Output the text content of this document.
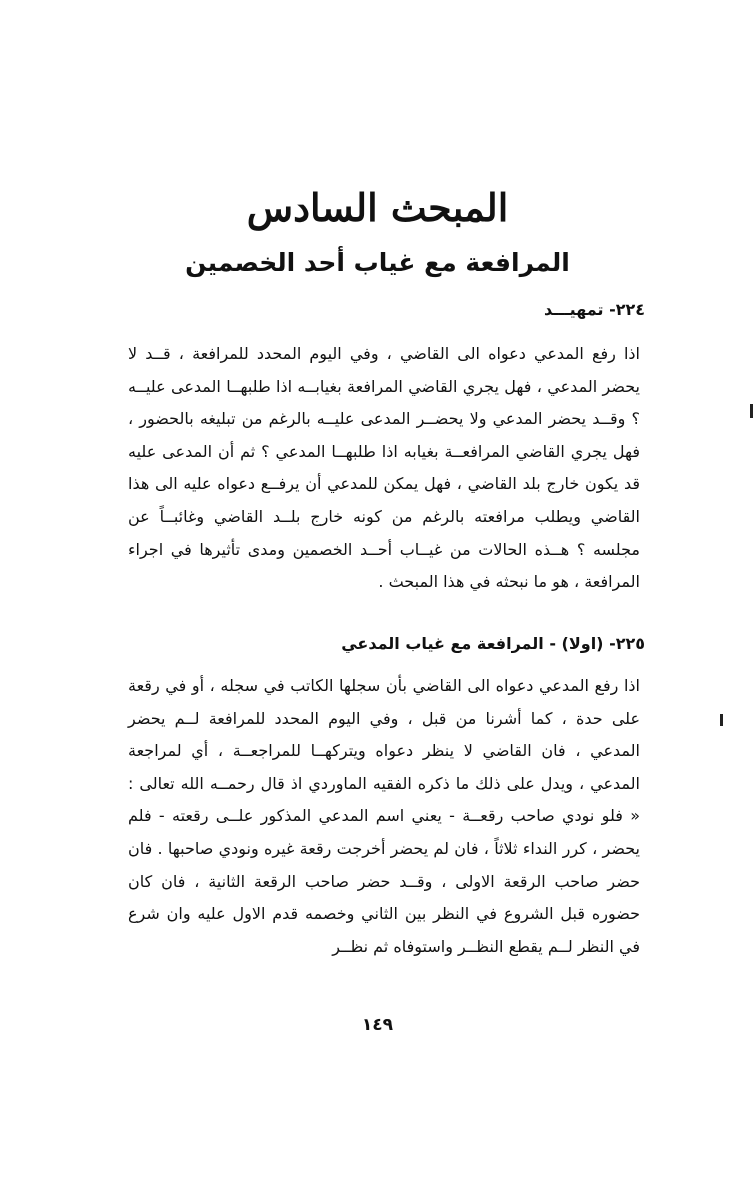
المبحث السادس
المرافعة مع غياب أحد الخصمين
٢٢٤- تمهيـــد
اذا رفع المدعي دعواه الى القاضي ، وفي اليوم المحدد للمرافعة ، قــد لا يحضر المدعي ، فهل يجري القاضي المرافعة بغيابــه اذا طلبهــا المدعى عليــه ؟ وقــد يحضر المدعي ولا يحضــر المدعى عليــه بالرغم من تبليغه بالحضور ، فهل يجري القاضي المرافعــة بغيابه اذا طلبهــا المدعي ؟ ثم أن المدعى عليه قد يكون خارج بلد القاضي ، فهل يمكن للمدعي أن يرفــع دعواه عليه الى هذا القاضي ويطلب مرافعته بالرغم من كونه خارج بلــد القاضي وغائبــاً عن مجلسه ؟ هــذه الحالات من غيــاب أحــد الخصمين ومدى تأثيرها في اجراء المرافعة ، هو ما نبحثه في هذا المبحث .
٢٢٥- (اولا) - المرافعة مع غياب المدعي
اذا رفع المدعي دعواه الى القاضي بأن سجلها الكاتب في سجله ، أو في رقعة على حدة ، كما أشرنا من قبل ، وفي اليوم المحدد للمرافعة لــم يحضر المدعي ، فان القاضي لا ينظر دعواه ويتركهــا للمراجعــة ، أي لمراجعة المدعي ، ويدل على ذلك ما ذكره الفقيه الماوردي اذ قال رحمــه الله تعالى : « فلو نودي صاحب رقعــة - يعني اسم المدعي المذكور علــى رقعته - فلم يحضر ، كرر النداء ثلاثاً ، فان لم يحضر أخرجت رقعة غيره ونودي صاحبها . فان حضر صاحب الرقعة الاولى ، وقــد حضر صاحب الرقعة الثانية ، فان كان حضوره قبل الشروع في النظر بين الثاني وخصمه قدم الاول عليه وان شرع في النظر لــم يقطع النظــر واستوفاه ثم نظــر
١٤٩
